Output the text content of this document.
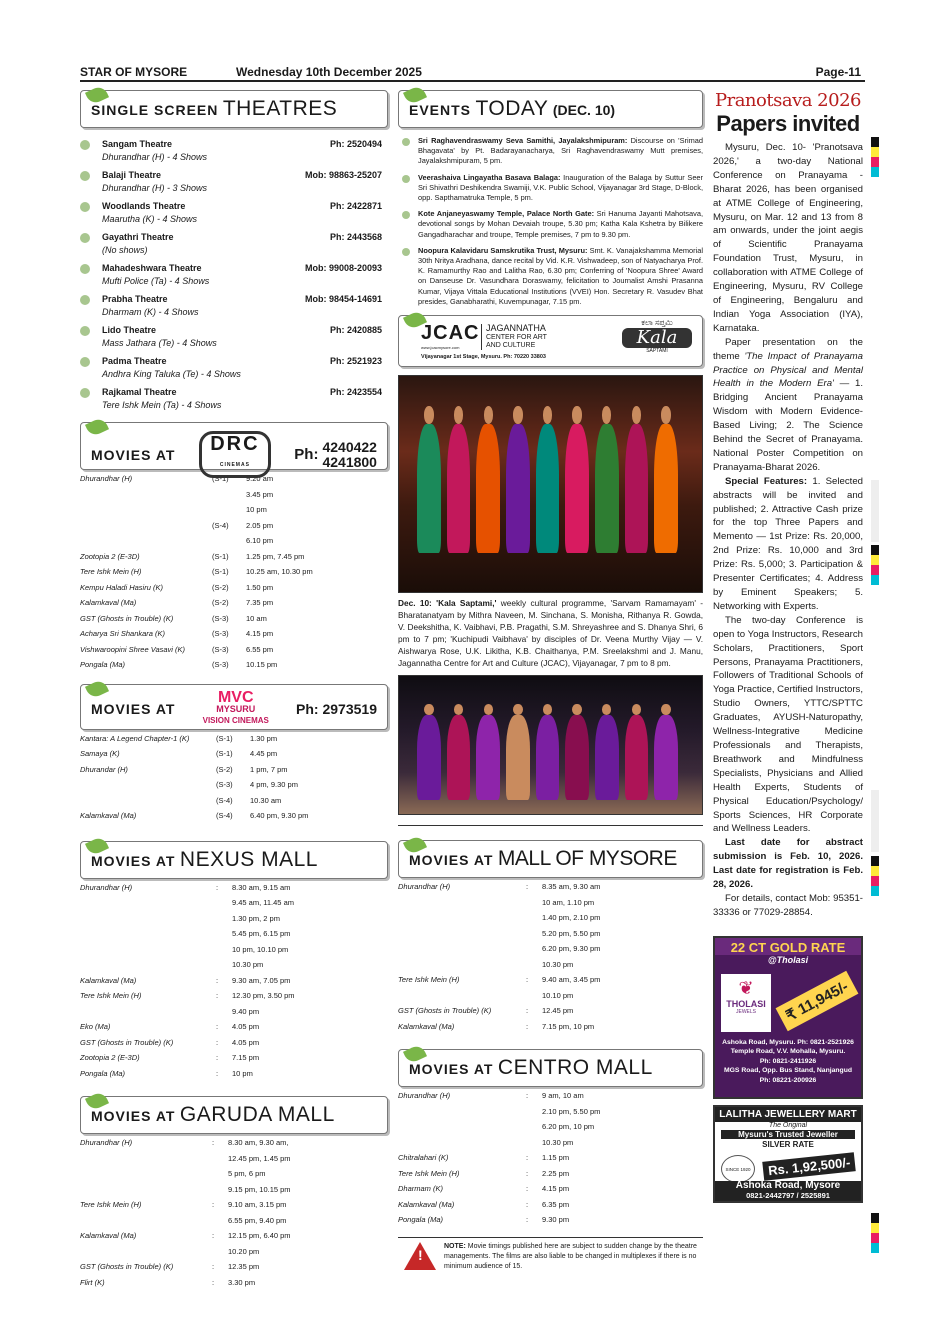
STAR OF MYSORE	Wednesday 10th December 2025	Page-11
SINGLE SCREEN THEATRES
Sangam Theatre	Ph: 2520494
Dhurandhar (H) - 4 Shows
Balaji Theatre	Mob: 98863-25207
Dhurandhar (H) - 3 Shows
Woodlands Theatre	Ph: 2422871
Maarutha (K) - 4 Shows
Gayathri Theatre	Ph: 2443568
(No shows)
Mahadeshwara Theatre	Mob: 99008-20093
Mufti Police (Ta) - 4 Shows
Prabha Theatre	Mob: 98454-14691
Dharmam (K) - 4 Shows
Lido Theatre	Ph: 2420885
Mass Jathara (Te) - 4 Shows
Padma Theatre	Ph: 2521923
Andhra King Taluka (Te) - 4 Shows
Rajkamal Theatre	Ph: 2423554
Tere Ishk Mein (Ta) - 4 Shows
MOVIES AT	DRC
CINEMAS
Ph: 4240422
4241800
Dhurandhar (H)	(S-1)	9.20 am
		3.45 pm
		10 pm
	(S-4)	2.05 pm
		6.10 pm
Zootopia 2 (E-3D)	(S-1)	1.25 pm, 7.45 pm
Tere Ishk Mein (H)	(S-1)	10.25 am, 10.30 pm
Kempu Haladi Hasiru (K)	(S-2)	1.50 pm
Kalamkaval (Ma)	(S-2)	7.35 pm
GST (Ghosts in Trouble) (K)	(S-3)	10 am
Acharya Sri Shankara (K)	(S-3)	4.15 pm
Vishwaroopini Shree Vasavi (K)	(S-3)	6.55 pm
Pongala (Ma)	(S-3)	10.15 pm
MOVIES AT
MVC
MYSURU
VISION CINEMAS
Ph: 2973519
Kantara: A Legend Chapter-1 (K)	(S-1)	1.30 pm
Samaya (K)	(S-1)	4.45 pm
Dhurandar (H)	(S-2)	1 pm, 7 pm
	(S-3)	4 pm, 9.30 pm
	(S-4)	10.30 am
Kalamkaval (Ma)	(S-4)	6.40 pm, 9.30 pm
MOVIES AT NEXUS MALL
Dhurandhar (H)	:	8.30 am, 9.15 am
		9.45 am, 11.45 am
		1.30 pm, 2 pm
		5.45 pm, 6.15 pm
		10 pm, 10.10 pm
		10.30 pm
Kalamkaval (Ma)	:	9.30 am, 7.05 pm
Tere Ishk Mein (H)	:	12.30 pm, 3.50 pm
		9.40 pm
Eko (Ma)	:	4.05 pm
GST (Ghosts in Trouble) (K)	:	4.05 pm
Zootopia 2 (E-3D)	:	7.15 pm
Pongala (Ma)	:	10 pm
MOVIES AT GARUDA MALL
Dhurandhar (H)	:	8.30 am, 9.30 am,
		12.45 pm, 1.45 pm
		5 pm, 6 pm
		9.15 pm, 10.15 pm
Tere Ishk Mein (H)	:	9.10 am, 3.15 pm
		6.55 pm, 9.40 pm
Kalamkaval (Ma)	:	12.15 pm, 6.40 pm
		10.20 pm
GST (Ghosts in Trouble) (K)	:	12.35 pm
Flirt (K)	:	3.30 pm
EVENTS TODAY (DEC. 10)
Sri Raghavendraswamy Seva Samithi, Jayalakshmipuram: Discourse on 'Srimad Bhagavata' by Pt. Badarayanacharya, Sri Raghavendraswamy Mutt premises, Jayalakshmipuram, 5 pm.
Veerashaiva Lingayatha Basava Balaga: Inauguration of the Balaga by Suttur Seer Sri Shivathri Deshikendra Swamiji, V.K. Public School, Vijayanagar 3rd Stage, D-Block, opp. Sapthamatruka Temple, 5 pm.
Kote Anjaneyaswamy Temple, Palace North Gate: Sri Hanuma Jayanti Mahotsava, devotional songs by Mohan Devaiah troupe, 5.30 pm; Katha Kala Kshetra by Bilikere Gangadharachar and troupe, Temple premises, 7 pm to 9.30 pm.
Noopura Kalavidaru Samskrutika Trust, Mysuru: Smt. K. Vanajakshamma Memorial 30th Nritya Aradhana, dance recital by Vid. K.R. Vishwadeep, son of Natyacharya Prof. K. Ramamurthy Rao and Lalitha Rao, 6.30 pm; Conferring of 'Noopura Shree' Award on Danseuse Dr. Vasundhara Doraswamy, felicitation to Journalist Amshi Prasanna Kumar, Vijaya Vittala Educational Institutions (VVEI) Hon. Secretary R. Vasudev Bhat presides, Ganabharathi, Kuvempunagar, 7.15 pm.
JCAC
www.jcacmysore.com
JAGANNATHA
CENTER FOR ART
AND CULTURE
Vijayanagar 1st Stage, Mysuru. Ph: 70220 33803
ಕಲಾ ಸಪ್ತಮಿ
Kala
SAPTAMI
Dec. 10: 'Kala Saptami,' weekly cultural programme, 'Sarvam Ramamayam' - Bharatanatyam by Mithra Naveen, M. Sinchana, S. Monisha, Rithanya R. Gowda, V. Deekshitha, K. Vaibhavi, P.B. Pragathi, S.M. Shreyashree and S. Dhanya Shri, 6 pm to 7 pm; 'Kuchipudi Vaibhava' by disciples of Dr. Veena Murthy Vijay — V. Aishwarya Rose, U.K. Likitha, K.B. Chaithanya, P.M. Sreelakshmi and J. Manu, Jagannatha Centre for Art and Culture (JCAC), Vijayanagar, 7 pm to 8 pm.
MOVIES AT MALL OF MYSORE
Dhurandhar (H)	:	8.35 am, 9.30 am
		10 am, 1.10 pm
		1.40 pm, 2.10 pm
		5.20 pm, 5.50 pm
		6.20 pm, 9.30 pm
		10.30 pm
Tere Ishk Mein (H)	:	9.40 am, 3.45 pm
		10.10 pm
GST (Ghosts in Trouble) (K)	:	12.45 pm
Kalamkaval (Ma)	:	7.15 pm, 10 pm
MOVIES AT CENTRO MALL
Dhurandhar (H)	:	9 am, 10 am
		2.10 pm, 5.50 pm
		6.20 pm, 10 pm
		10.30 pm
Chitralahari (K)	:	1.15 pm
Tere Ishk Mein (H)	:	2.25 pm
Dharmam (K)	:	4.15 pm
Kalamkaval (Ma)	:	6.35 pm
Pongala (Ma)	:	9.30 pm
!
NOTE: Movie timings published here are subject to sudden change by the theatre managements. The films are also liable to be changed in multiplexes if there is no minimum audience of 15.
Pranotsava 2026
Papers invited

Mysuru, Dec. 10- 'Pranotsava 2026,' a two-day National Conference on Pranayama - Bharat 2026, has been organised at ATME College of Engineering, Mysuru, on Mar. 12 and 13 from 8 am onwards, under the joint aegis of Scientific Pranayama Foundation Trust, Mysuru, in collaboration with ATME College of Engineering, Mysuru, RV College of Engineering, Bengaluru and Indian Yoga Association (IYA), Karnataka.

Paper presentation on the theme 'The Impact of Pranayama Practice on Physical and Mental Health in the Modern Era' — 1. Bridging Ancient Pranayama Wisdom with Modern Evidence-Based Living; 2. The Science Behind the Secret of Pranayama. National Poster Competition on Pranayama-Bharat 2026.

Special Features: 1. Selected abstracts will be invited and published; 2. Attractive Cash prize for the top Three Papers and Memento — 1st Prize: Rs. 20,000, 2nd Prize: Rs. 10,000 and 3rd Prize: Rs. 5,000; 3. Participation & Presenter Certificates; 4. Address by Eminent Speakers; 5. Networking with Experts.

The two-day Conference is open to Yoga Instructors, Research Scholars, Practitioners, Sport Persons, Pranayama Practitioners, Followers of Traditional Schools of Yoga Practice, Certified Instructors, Studio Owners, YTTC/SPTTC Graduates, AYUSH-Naturopathy, Wellness-Integrative Medicine Professionals and Therapists, Breathwork and Mindfulness Specialists, Physicians and Allied Health Experts, Students of Physical Education/Psychology/ Sports Sciences, HR Corporate and Wellness Leaders.

Last date for abstract submission is Feb. 10, 2026. Last date for registration is Feb. 28, 2026.

For details, contact Mob: 95351-33336 or 77029-28854.

22 CT GOLD RATE
@Tholasi
❦
THOLASI
JEWELS	₹ 11,945/-
Ashoka Road, Mysuru. Ph: 0821-2521926
Temple Road, V.V. Mohalla, Mysuru.
Ph: 0821-2411926
MGS Road, Opp. Bus Stand, Nanjangud
Ph: 08221-200926
LALITHA JEWELLERY MART
The Original
Mysuru's Trusted Jeweller
SILVER RATE
SINCE 1920	Rs. 1,92,500/-
Ashoka Road, Mysore
0821-2442797 / 2525891
